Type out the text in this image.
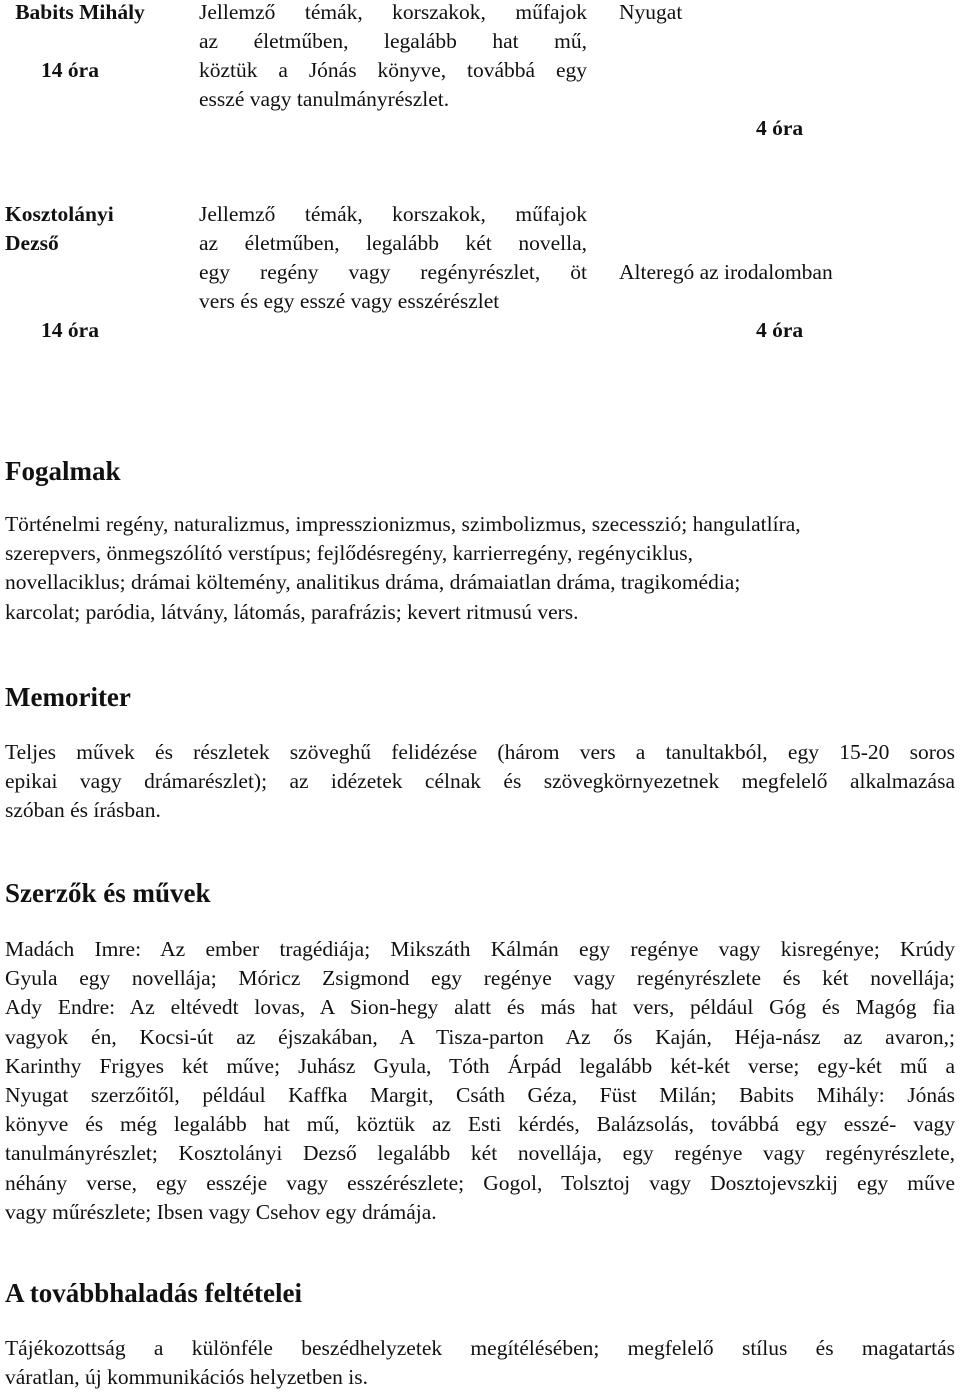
Babits Mihály
14 óra
Jellemző témák, korszakok, műfajok
az életműben, legalább hat mű,
köztük a Jónás könyve, továbbá egy
esszé vagy tanulmányrészlet.
Nyugat
4 óra
Kosztolányi
Dezső
14 óra
Jellemző témák, korszakok, műfajok
az életműben, legalább két novella,
egy regény vagy regényrészlet, öt
vers és egy esszé vagy esszérészlet
Alteregó az irodalomban
4 óra
Fogalmak
Történelmi regény, naturalizmus, impresszionizmus, szimbolizmus, szecesszió; hangulatlíra,
szerepvers, önmegszólító verstípus; fejlődésregény, karrierregény, regényciklus,
novellaciklus; drámai költemény, analitikus dráma, drámaiatlan dráma, tragikomédia;
karcolat; paródia, látvány, látomás, parafrázis; kevert ritmusú vers.
Memoriter
Teljes művek és részletek szöveghű felidézése (három vers a tanultakból, egy 15-20 soros
epikai vagy drámarészlet); az idézetek célnak és szövegkörnyezetnek megfelelő alkalmazása
szóban és írásban.
Szerzők és művek
Madách Imre: Az ember tragédiája; Mikszáth Kálmán egy regénye vagy kisregénye; Krúdy
Gyula egy novellája; Móricz Zsigmond egy regénye vagy regényrészlete és két novellája;
Ady Endre: Az eltévedt lovas, A Sion-hegy alatt és más hat vers, például Góg és Magóg fia
vagyok én, Kocsi-út az éjszakában, A Tisza-parton Az ős Kaján, Héja-nász az avaron,;
Karinthy Frigyes két műve; Juhász Gyula, Tóth Árpád legalább két-két verse; egy-két mű a
Nyugat szerzőitől, például Kaffka Margit, Csáth Géza, Füst Milán; Babits Mihály: Jónás
könyve és még legalább hat mű, köztük az Esti kérdés, Balázsolás, továbbá egy esszé- vagy
tanulmányrészlet; Kosztolányi Dezső legalább két novellája, egy regénye vagy regényrészlete,
néhány verse, egy esszéje vagy esszérészlete; Gogol, Tolsztoj vagy Dosztojevszkij egy műve
vagy műrészlete; Ibsen vagy Csehov egy drámája.
A továbbhaladás feltételei
Tájékozottság a különféle beszédhelyzetek megítélésében; megfelelő stílus és magatartás
váratlan, új kommunikációs helyzetben is.
